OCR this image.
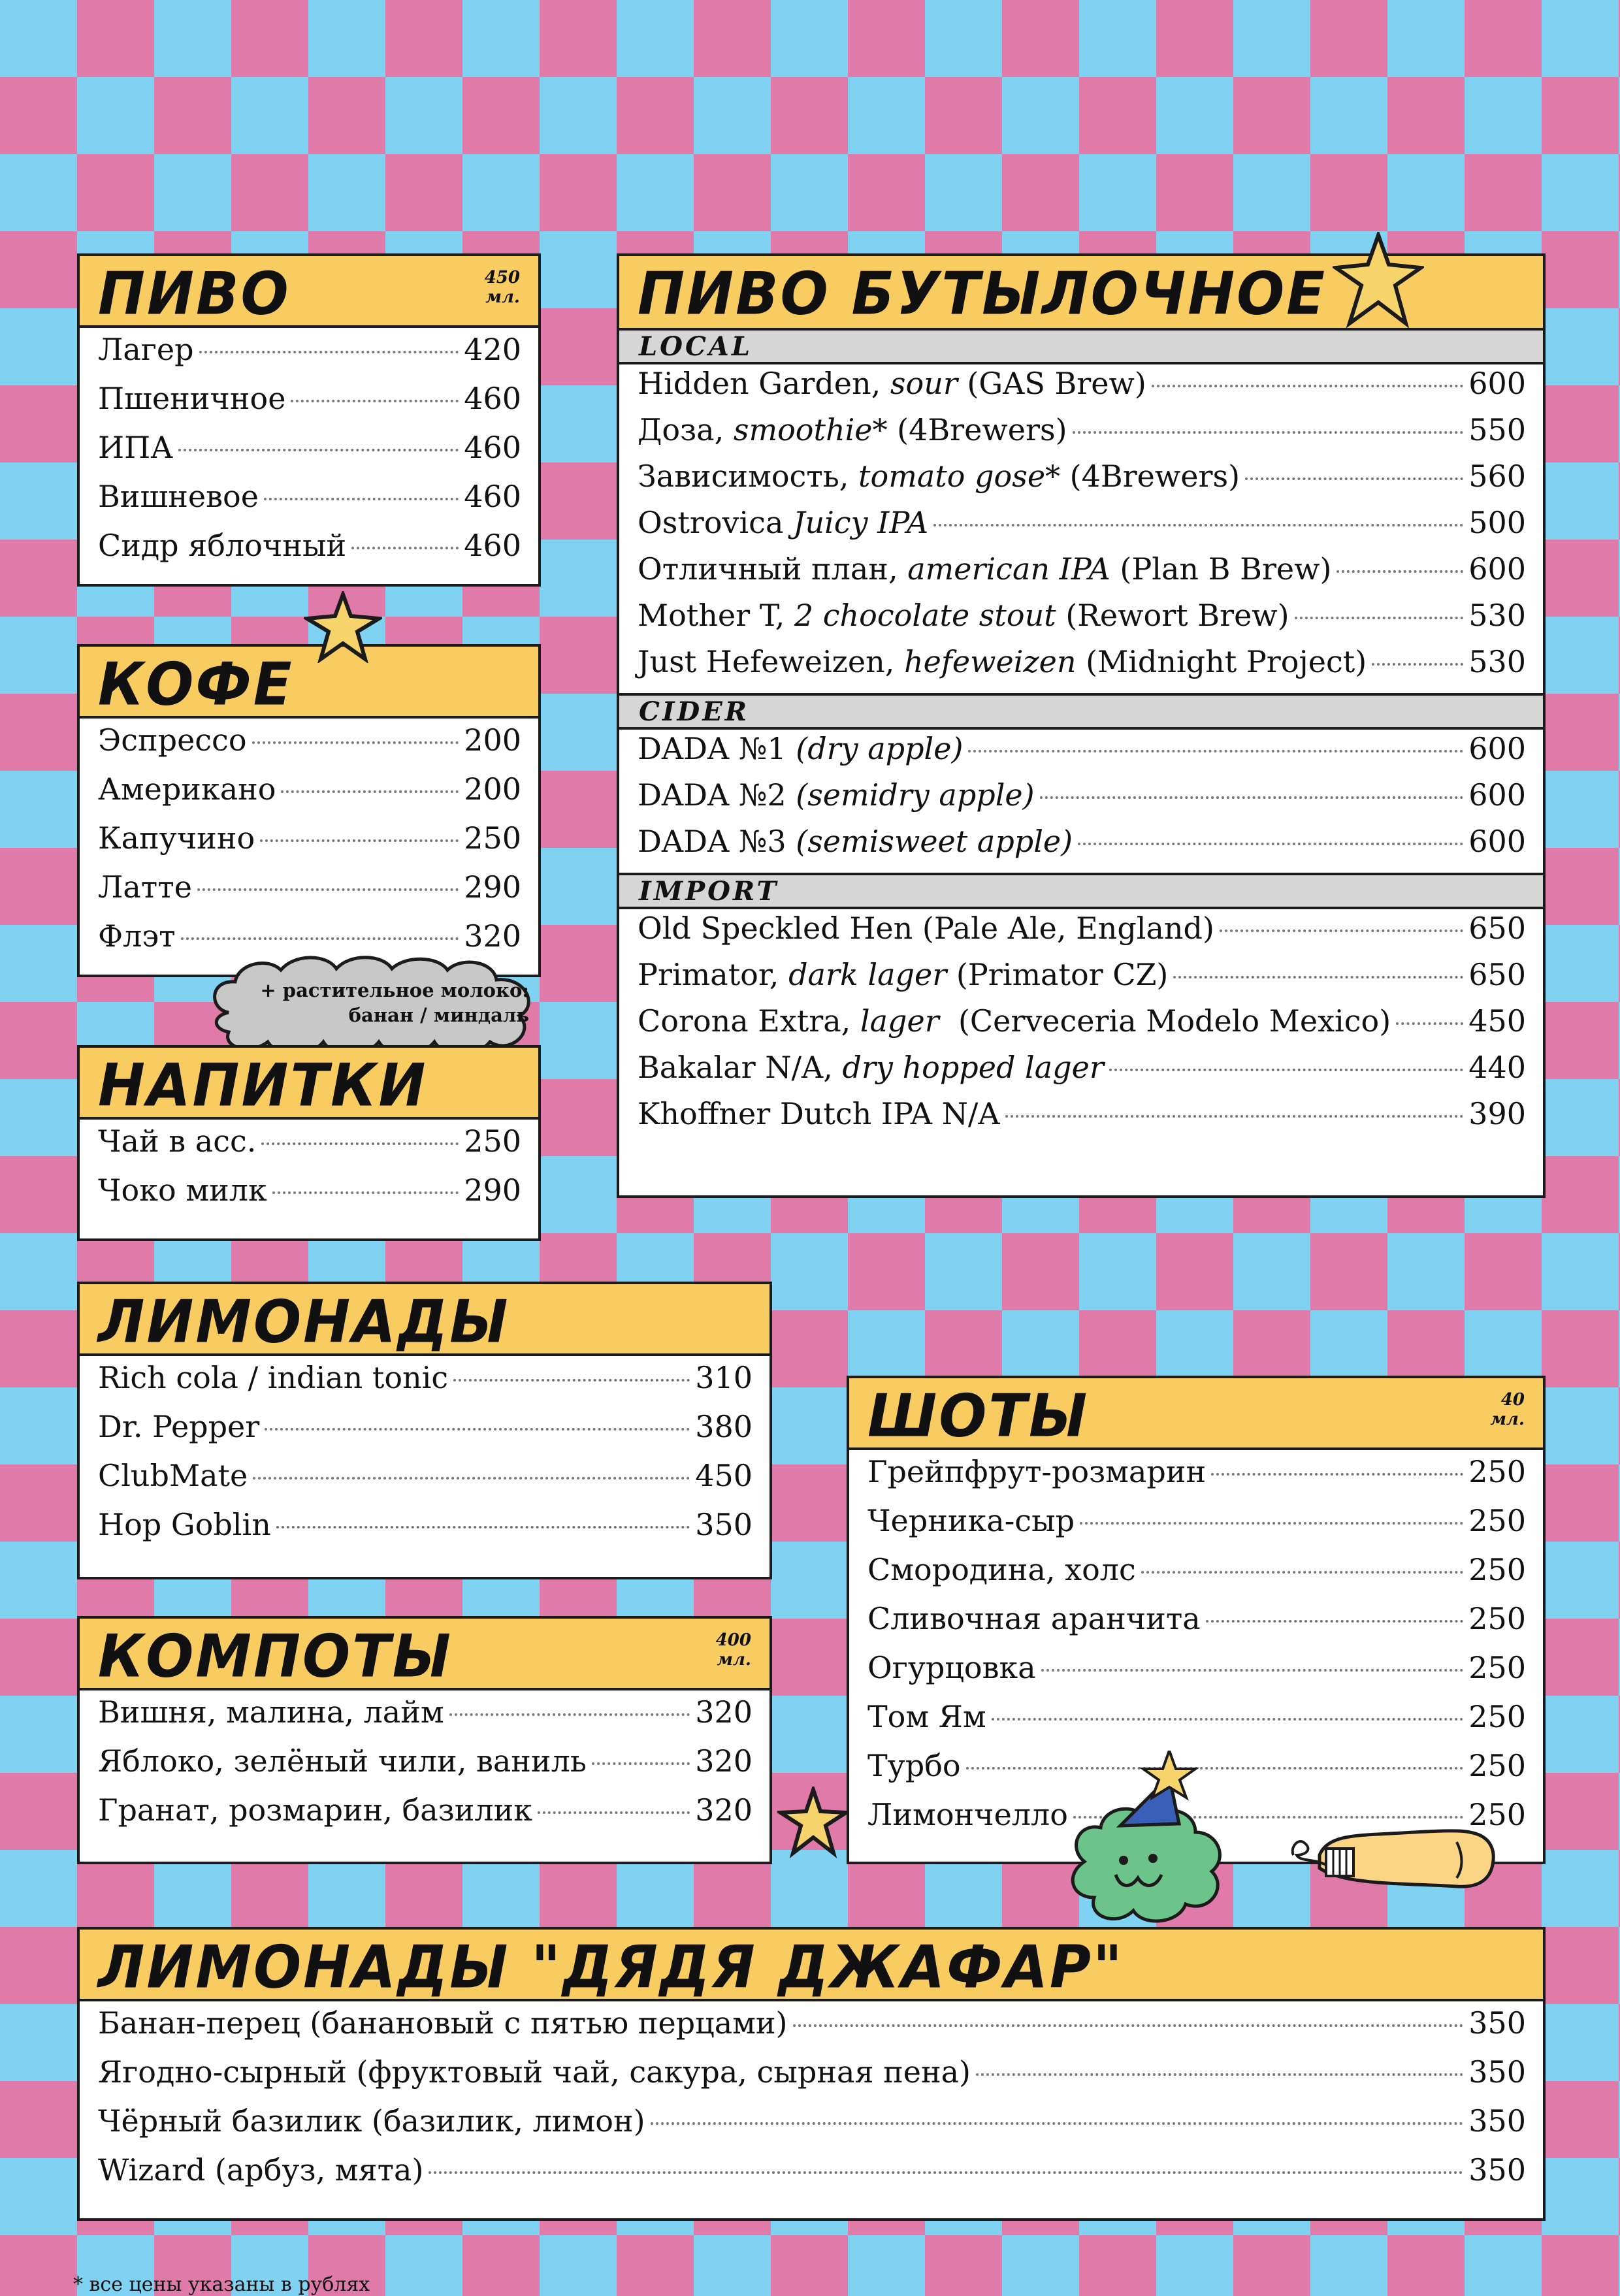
ПИВО	450
мл.
Лагер	420
Пшеничное	460
ИПА	460
Вишневое	460
Сидр яблочный	460
КОФЕ
Эспрессо	200
Американо	200
Капучино	250
Латте	290
Флэт	320
+ растительное молоко:
банан / миндаль
НАПИТКИ
Чай в асс.	250
Чоко милк	290
ПИВО БУТЫЛОЧНОЕ
LOCAL
Hidden Garden, sour (GAS Brew)	600
Доза, smoothie* (4Brewers)	550
Зависимость, tomato gose* (4Brewers)	560
Ostrovica Juicy IPA	500
Отличный план, american IPA (Plan B Brew)	600
Mother T, 2 chocolate stout (Rewort Brew)	530
Just Hefeweizen, hefeweizen (Midnight Project)	530
CIDER
DADA №1 (dry apple)	600
DADA №2 (semidry apple)	600
DADA №3 (semisweet apple)	600
IMPORT
Old Speckled Hen (Pale Ale, England)	650
Primator, dark lager (Primator CZ)	650
Corona Extra, lager  (Cerveceria Modelo Mexico)	450
Bakalar N/A, dry hopped lager	440
Khoffner Dutch IPA N/A	390
ЛИМОНАДЫ
Rich cola / indian tonic	310
Dr. Pepper	380
ClubMate	450
Hop Goblin	350
КОМПОТЫ	400
мл.
Вишня, малина, лайм	320
Яблоко, зелёный чили, ваниль	320
Гранат, розмарин, базилик	320
ШОТЫ	40
мл.
Грейпфрут-розмарин	250
Черника-сыр	250
Смородина, холс	250
Сливочная аранчита	250
Огурцовка	250
Том Ям	250
Турбо	250
Лимончелло	250
ЛИМОНАДЫ "ДЯДЯ ДЖАФАР"
Банан-перец (банановый с пятью перцами)	350
Ягодно-сырный (фруктовый чай, сакура, сырная пена)	350
Чёрный базилик (базилик, лимон)	350
Wizard (арбуз, мята)	350
* все цены указаны в рублях
